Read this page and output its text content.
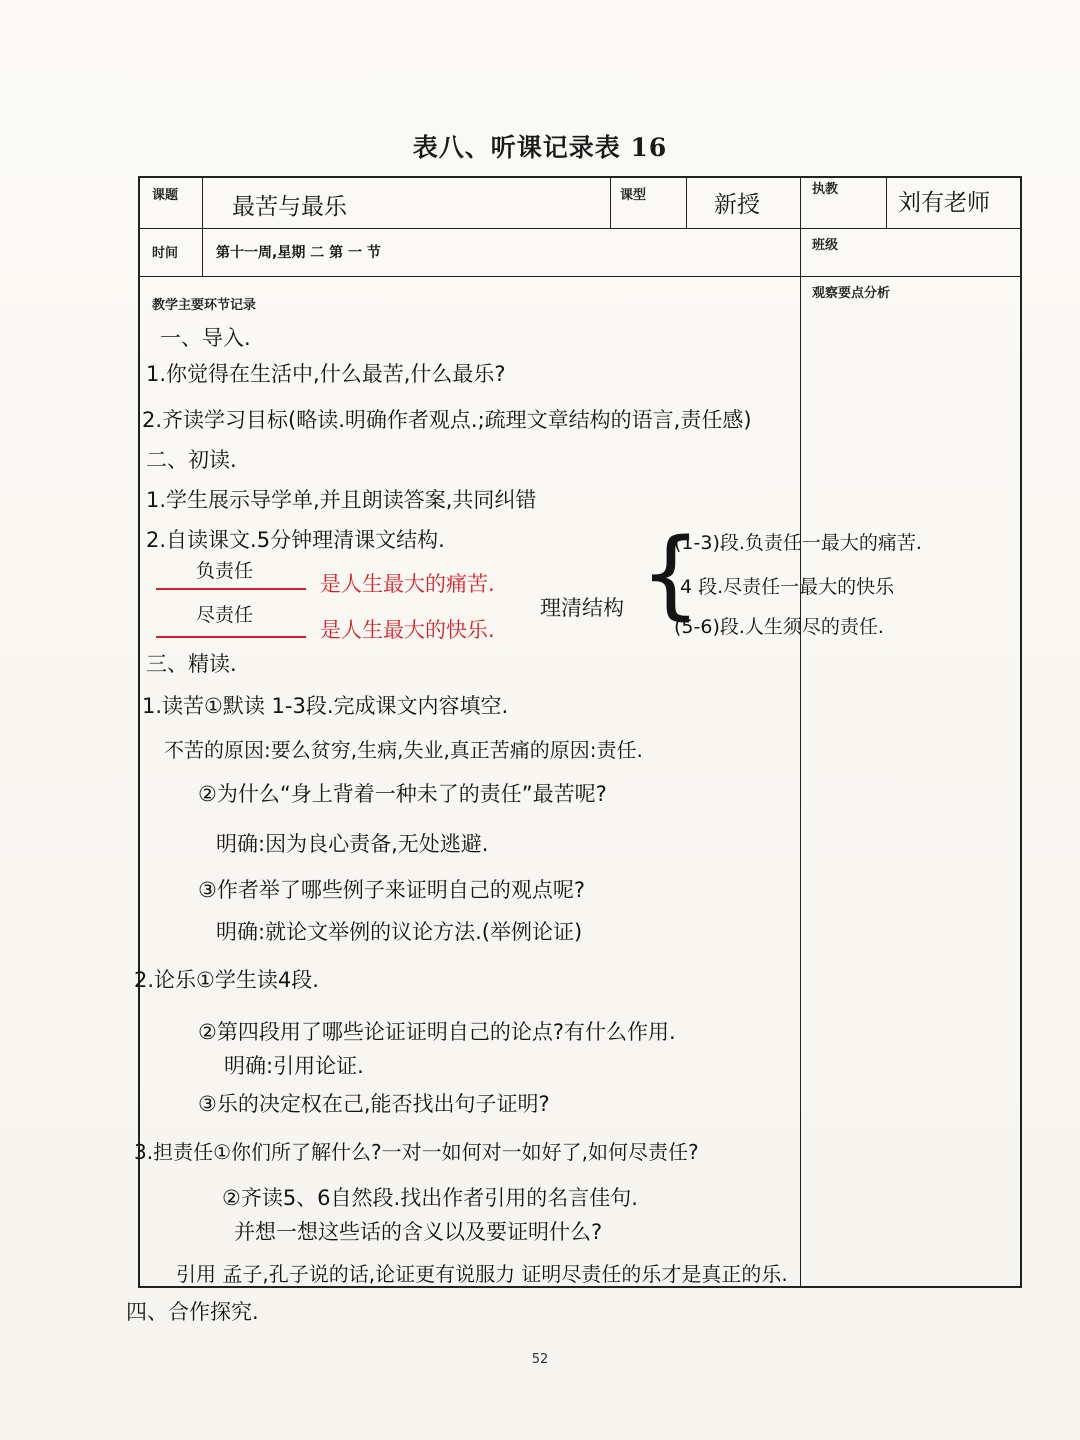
表八、听课记录表 16
课题 最苦与最乐	课型	新授
执教
刘有老师
时间	第十一周,星期 二 第 一 节	班级
教学主要环节记录
观察要点分析
一、导入.
1.你觉得在生活中,什么最苦,什么最乐?
2.齐读学习目标(略读.明确作者观点.;疏理文章结构的语言,责任感)
二、初读.
1.学生展示导学单,并且朗读答案,共同纠错
2.自读课文.5分钟理清课文结构.
负责任
是人生最大的痛苦.
尽责任
是人生最大的快乐.
理清结构 {
(1-3)段.负责任一最大的痛苦.
4 段.尽责任一最大的快乐
(5-6)段.人生须尽的责任.
三、精读.
1.读苦①默读 1-3段.完成课文内容填空.
不苦的原因:要么贫穷,生病,失业,真正苦痛的原因:责任.
②为什么“身上背着一种未了的责任”最苦呢?
明确:因为良心责备,无处逃避.
③作者举了哪些例子来证明自己的观点呢?
明确:就论文举例的议论方法.(举例论证)
2.论乐①学生读4段.
②第四段用了哪些论证证明自己的论点?有什么作用.
明确:引用论证.
③乐的决定权在己,能否找出句子证明?
3.担责任①你们所了解什么?一对一如何对一如好了,如何尽责任?
②齐读5、6自然段.找出作者引用的名言佳句.
并想一想这些话的含义以及要证明什么?
引用 孟子,孔子说的话,论证更有说服力 证明尽责任的乐才是真正的乐.
四、合作探究.
52
